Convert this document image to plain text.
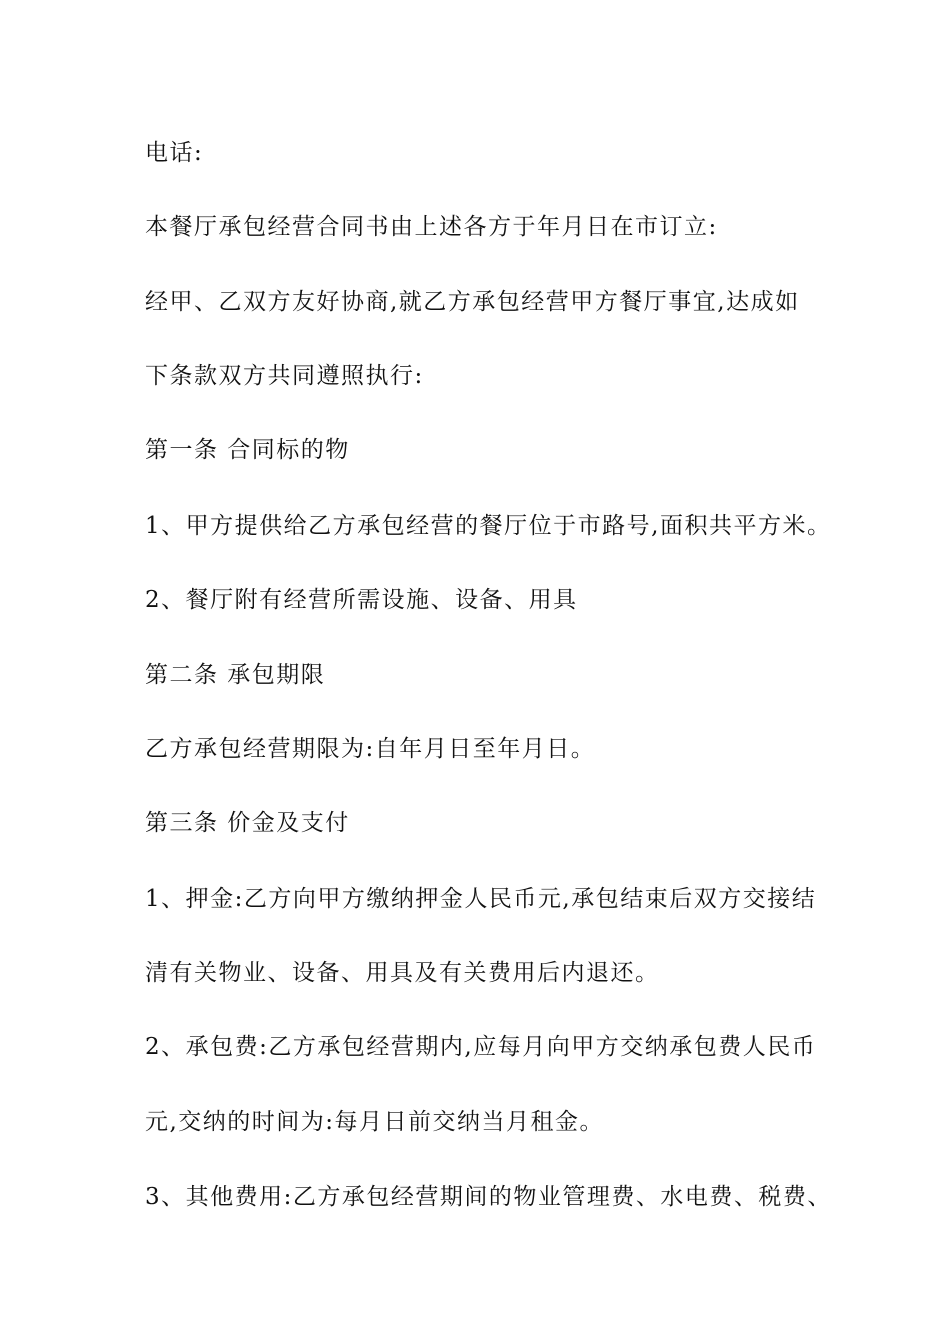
电话:
本餐厅承包经营合同书由上述各方于年月日在市订立:
经甲、乙双方友好协商,就乙方承包经营甲方餐厅事宜,达成如
下条款双方共同遵照执行:
第一条 合同标的物
1、甲方提供给乙方承包经营的餐厅位于市路号,面积共平方米。
2、餐厅附有经营所需设施、设备、用具
第二条 承包期限
乙方承包经营期限为:自年月日至年月日。
第三条 价金及支付
1、押金:乙方向甲方缴纳押金人民币元,承包结束后双方交接结
清有关物业、设备、用具及有关费用后内退还。
2、承包费:乙方承包经营期内,应每月向甲方交纳承包费人民币
元,交纳的时间为:每月日前交纳当月租金。
3、其他费用:乙方承包经营期间的物业管理费、水电费、税费、
